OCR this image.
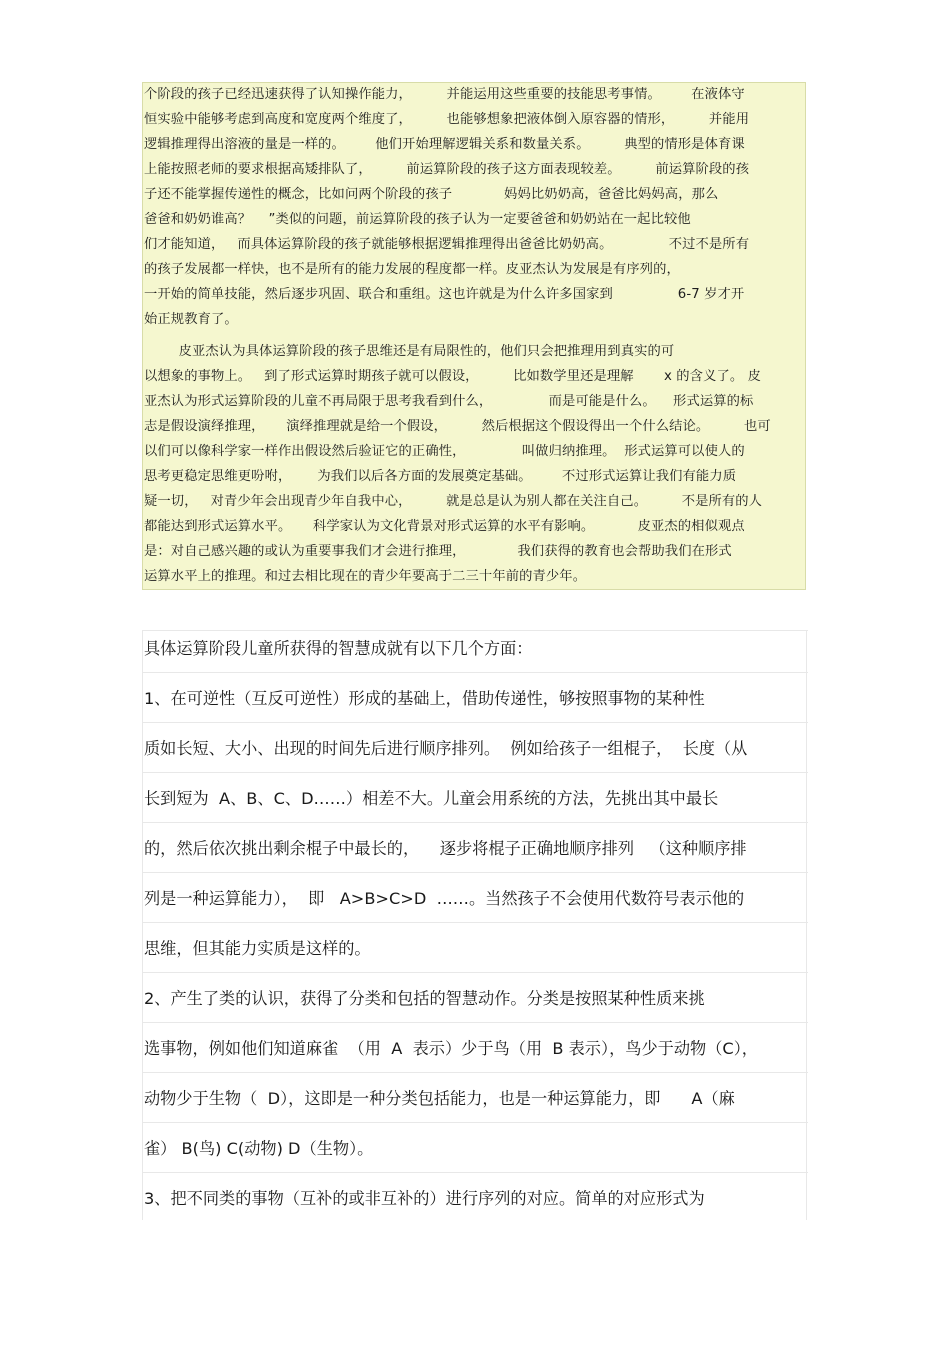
个阶段的孩子已经迅速获得了认知操作能力，        并能运用这些重要的技能思考事情。       在液体守
恒实验中能够考虑到高度和宽度两个维度了，        也能够想象把液体倒入原容器的情形，        并能用
逻辑推理得出溶液的量是一样的。       他们开始理解逻辑关系和数量关系。        典型的情形是体育课
上能按照老师的要求根据高矮排队了，        前运算阶段的孩子这方面表现较差。        前运算阶段的孩
子还不能掌握传递性的概念，比如问两个阶段的孩子            妈妈比奶奶高，爸爸比妈妈高，那么
爸爸和奶奶谁高？    ”类似的问题，前运算阶段的孩子认为一定要爸爸和奶奶站在一起比较他
们才能知道，   而具体运算阶段的孩子就能够根据逻辑推理得出爸爸比奶奶高。             不过不是所有
的孩子发展都一样快，也不是所有的能力发展的程度都一样。皮亚杰认为发展是有序列的，
一开始的简单技能，然后逐步巩固、联合和重组。这也许就是为什么许多国家到               6-7 岁才开
始正规教育了。
皮亚杰认为具体运算阶段的孩子思维还是有局限性的，他们只会把推理用到真实的可
以想象的事物上。   到了形式运算时期孩子就可以假设，        比如数学里还是理解       x 的含义了。 皮
亚杰认为形式运算阶段的儿童不再局限于思考我看到什么，             而是可能是什么。    形式运算的标
志是假设演绎推理，     演绎推理就是给一个假设，        然后根据这个假设得出一个什么结论。        也可
以们可以像科学家一样作出假设然后验证它的正确性，             叫做归纳推理。  形式运算可以使人的
思考更稳定思维更吩咐，      为我们以后各方面的发展奠定基础。       不过形式运算让我们有能力质
疑一切，   对青少年会出现青少年自我中心，        就是总是认为别人都在关注自己。        不是所有的人
都能达到形式运算水平。     科学家认为文化背景对形式运算的水平有影响。          皮亚杰的相似观点
是：对自己感兴趣的或认为重要事我们才会进行推理，            我们获得的教育也会帮助我们在形式
运算水平上的推理。和过去相比现在的青少年要高于二三十年前的青少年。
具体运算阶段儿童所获得的智慧成就有以下几个方面：
1、在可逆性（互反可逆性）形成的基础上，借助传递性，够按照事物的某种性
质如长短、大小、出现的时间先后进行顺序排列。  例如给孩子一组棍子，  长度（从
长到短为  A、B、C、D……）相差不大。儿童会用系统的方法，先挑出其中最长
的，然后依次挑出剩余棍子中最长的，    逐步将棍子正确地顺序排列   （这种顺序排
列是一种运算能力），  即   A>B>C>D  ……。当然孩子不会使用代数符号表示他的
思维，但其能力实质是这样的。
2、产生了类的认识，获得了分类和包括的智慧动作。分类是按照某种性质来挑
选事物，例如他们知道麻雀  （用  A  表示）少于鸟（用  B 表示），鸟少于动物（C），
动物少于生物（  D），这即是一种分类包括能力，也是一种运算能力，即      A（麻
雀） B(鸟) C(动物) D（生物）。
3、把不同类的事物（互补的或非互补的）进行序列的对应。简单的对应形式为
